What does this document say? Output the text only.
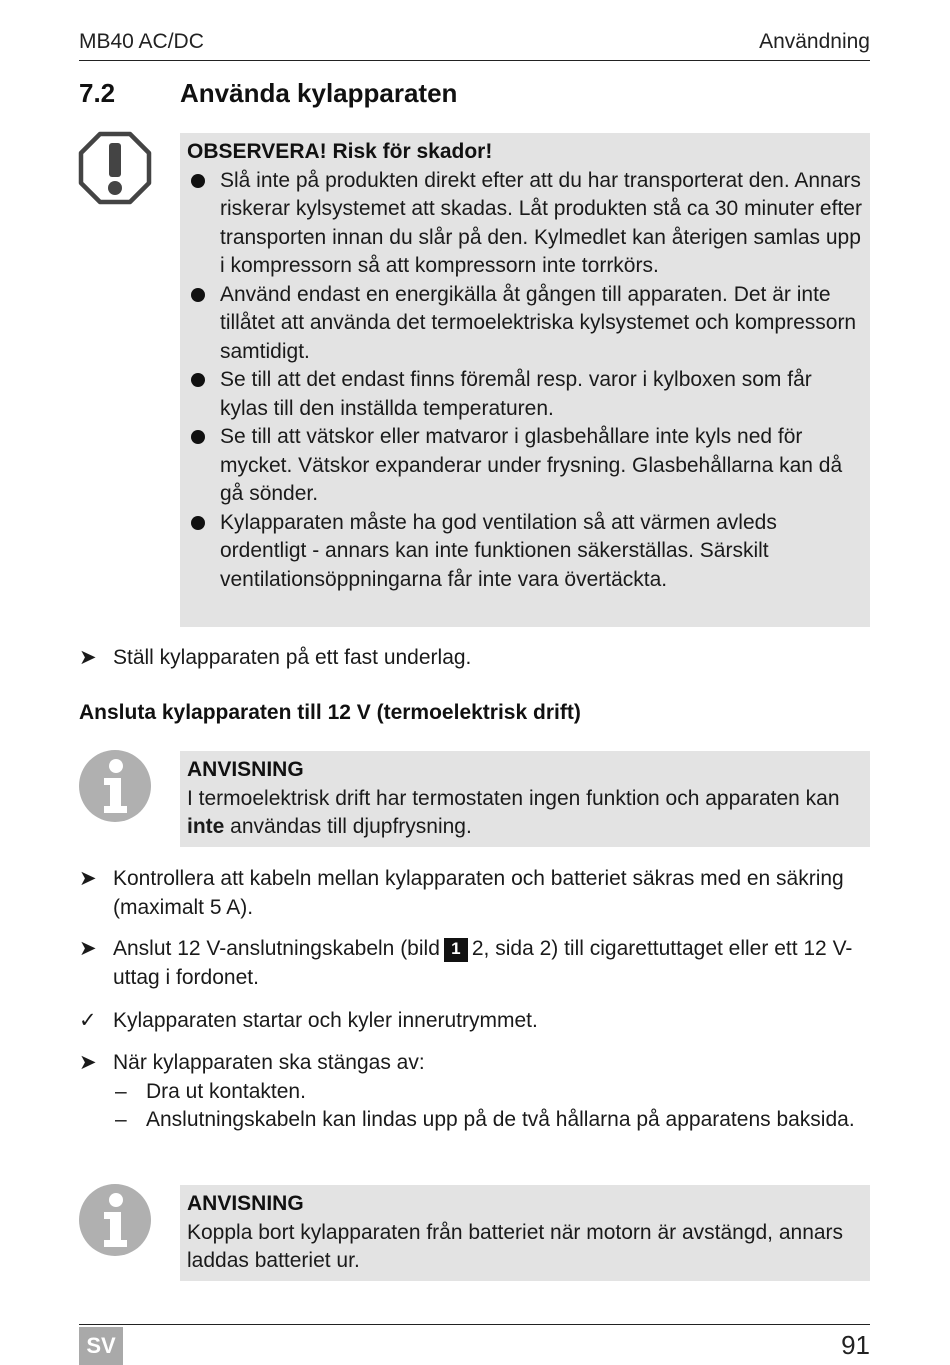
MB40 AC/DC	Användning
7.2 Använda kylapparaten
OBSERVERA! Risk för skador!
Slå inte på produkten direkt efter att du har transporterat den. Annars riskerar kylsystemet att skadas. Låt produkten stå ca 30 minuter efter transporten innan du slår på den. Kylmedlet kan återigen samlas upp i kompressorn så att kompressorn inte torrkörs.
Använd endast en energikälla åt gången till apparaten. Det är inte tillåtet att använda det termoelektriska kylsystemet och kompressorn samtidigt.
Se till att det endast finns föremål resp. varor i kylboxen som får kylas till den inställda temperaturen.
Se till att vätskor eller matvaror i glasbehållare inte kyls ned för mycket. Vätskor expanderar under frysning. Glasbehållarna kan då gå sönder.
Kylapparaten måste ha god ventilation så att värmen avleds ordentligt - annars kan inte funktionen säkerställas. Särskilt ventilationsöppningarna får inte vara övertäckta.
➤ Ställ kylapparaten på ett fast underlag.
Ansluta kylapparaten till 12 V (termoelektrisk drift)
ANVISNING
I termoelektrisk drift har termostaten ingen funktion och apparaten kan inte användas till djupfrysning.
➤ Kontrollera att kabeln mellan kylapparaten och batteriet säkras med en säkring (maximalt 5 A).
➤ Anslut 12 V-anslutningskabeln (bild 1 2, sida 2) till cigarettuttaget eller ett 12 V-uttag i fordonet.
✓ Kylapparaten startar och kyler innerutrymmet.
➤ När kylapparaten ska stängas av:
– Dra ut kontakten.
– Anslutningskabeln kan lindas upp på de två hållarna på apparatens baksida.
ANVISNING
Koppla bort kylapparaten från batteriet när motorn är avstängd, annars laddas batteriet ur.
SV	91
